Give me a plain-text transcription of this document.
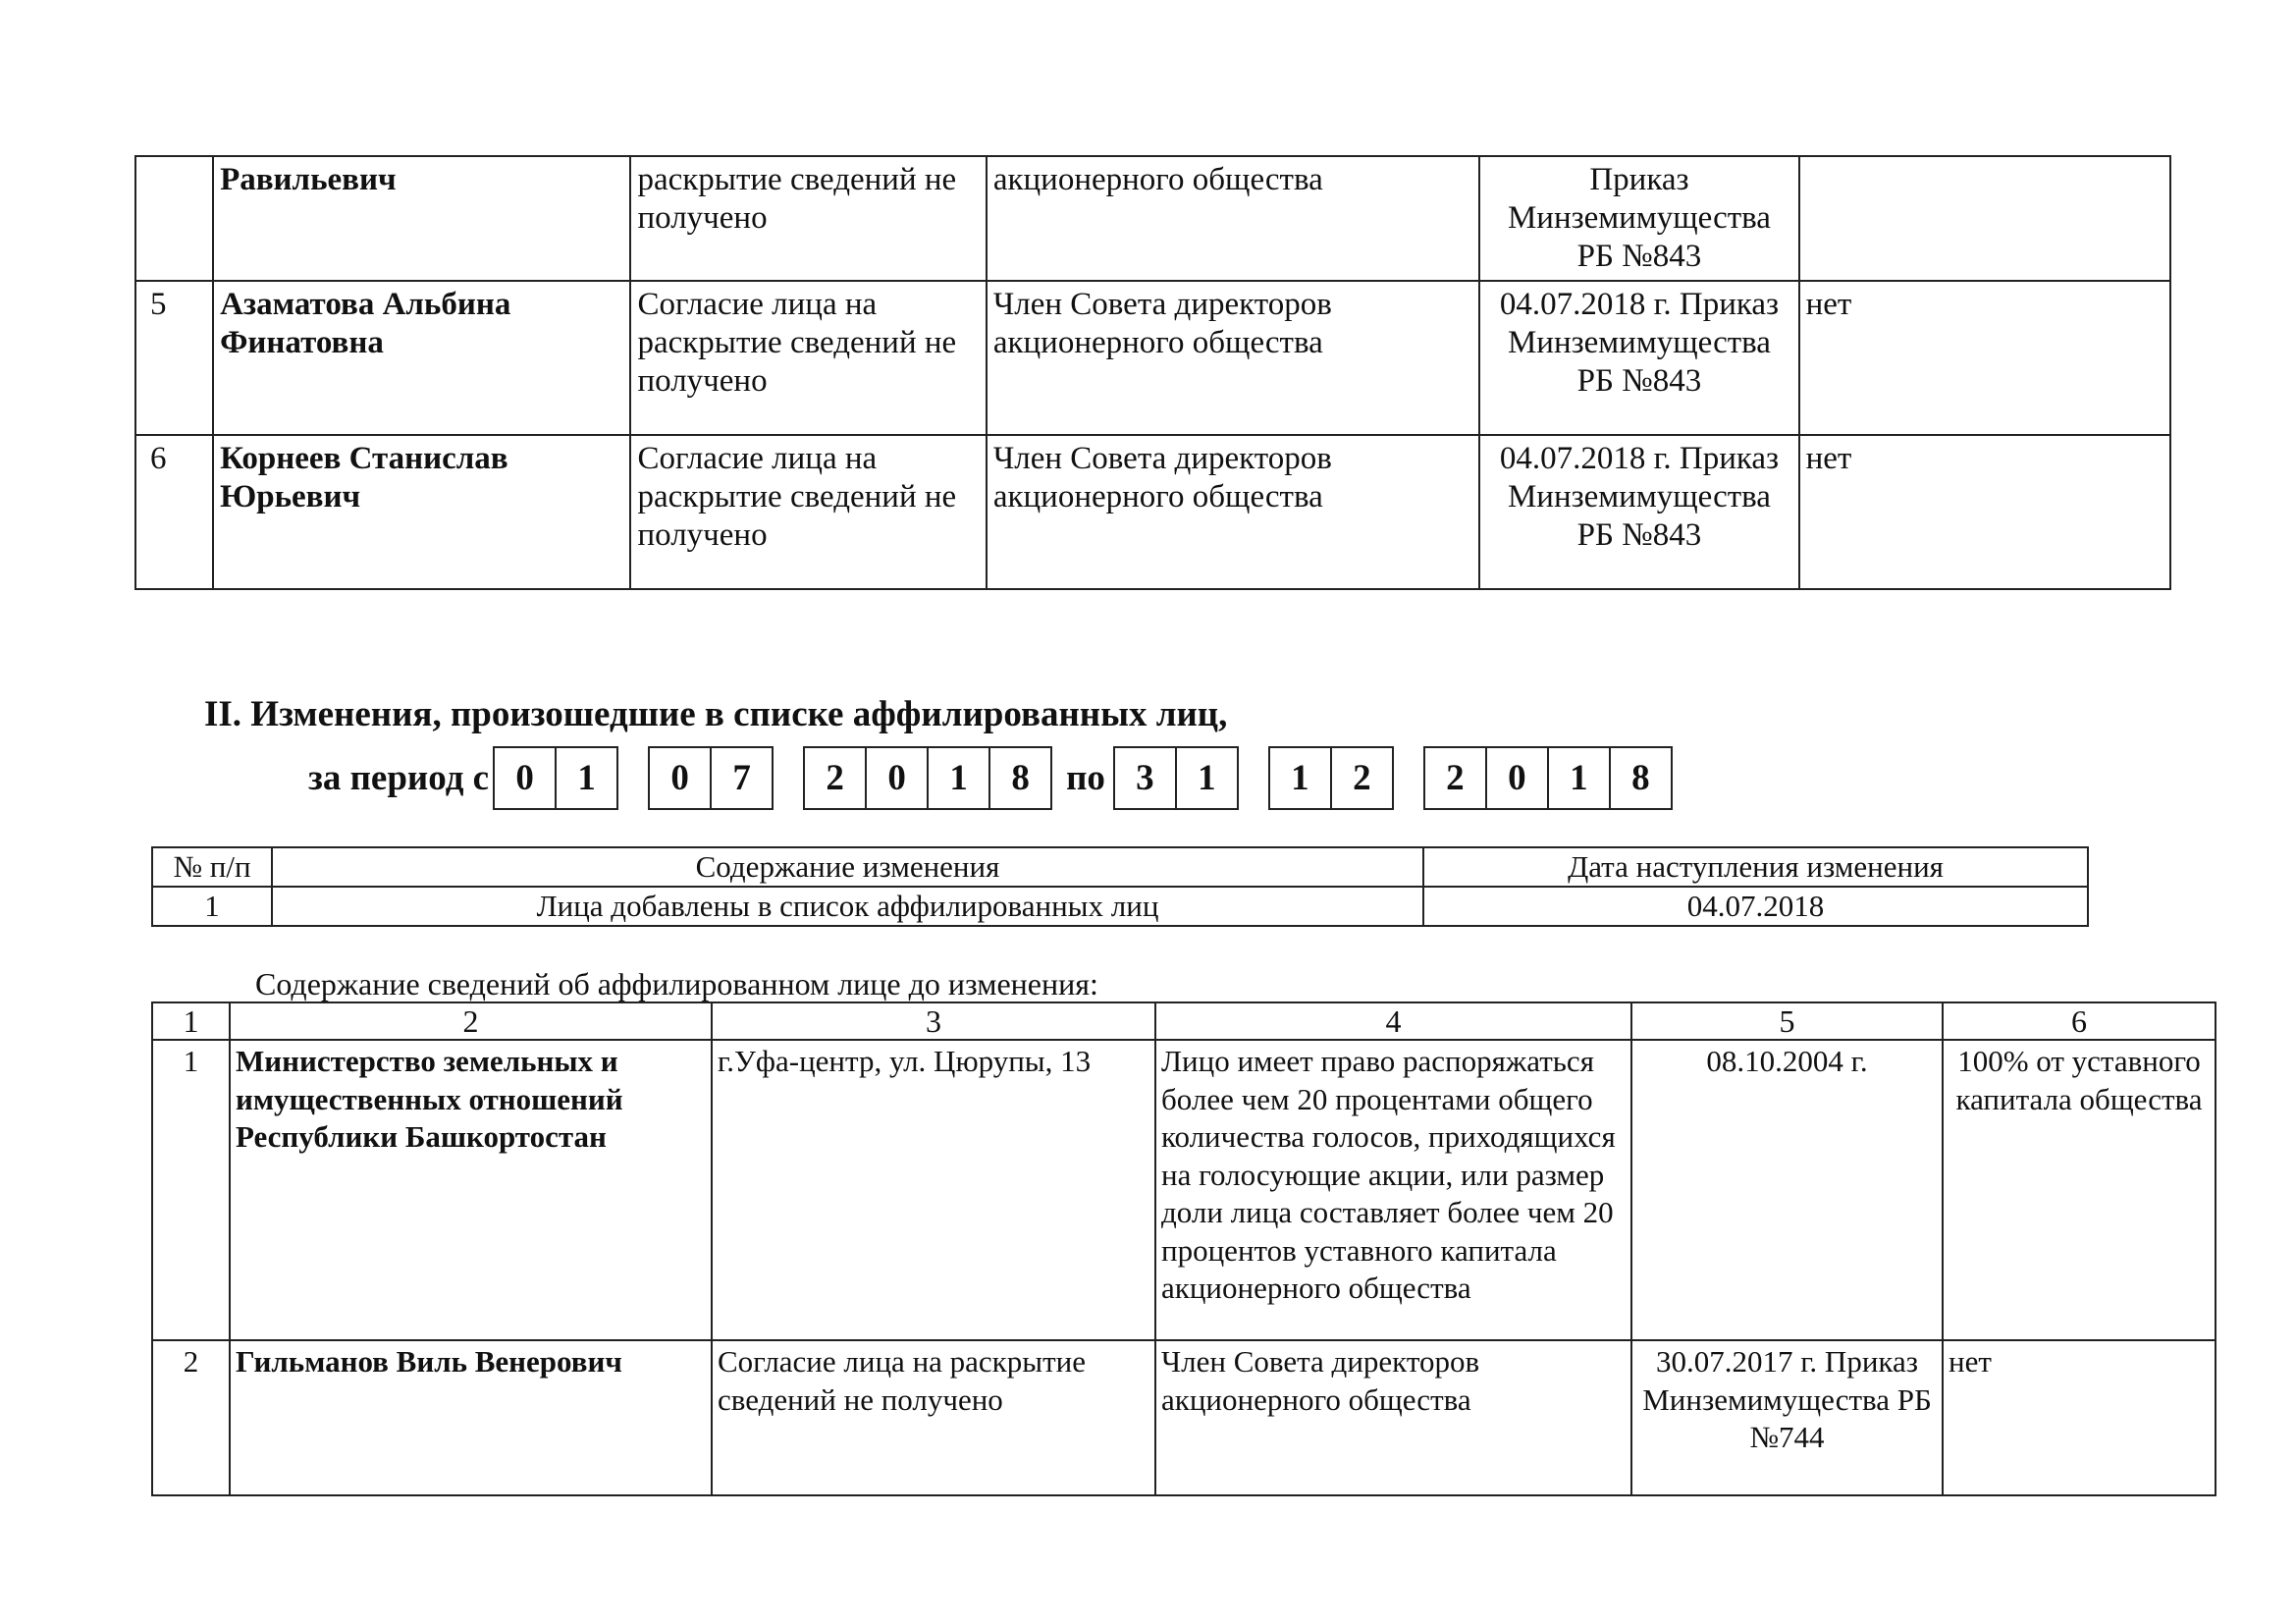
	Равильевич	раскрытие сведений не получено	акционерного общества	Приказ Минземимущества РБ №843	
5	Азаматова Альбина Финатовна	Согласие лица на раскрытие сведений не получено	Член Совета директоров акционерного общества	04.07.2018 г. Приказ Минземимущества РБ №843	нет
6	Корнеев Станислав Юрьевич	Согласие лица на раскрытие сведений не получено	Член Совета директоров акционерного общества	04.07.2018 г. Приказ Минземимущества РБ №843	нет
II. Изменения, произошедшие в списке аффилированных лиц,
за период с 0	1	0	7	2	0	1	8	по 3	1	1	2	2	0	1	8
№ п/п	Содержание изменения	Дата наступления изменения
1	Лица добавлены в список аффилированных лиц	04.07.2018

Содержание сведений об аффилированном лице до изменения:

1	2	3	4	5	6
1	Министерство земельных и имущественных отношений Республики Башкортостан	г.Уфа-центр, ул. Цюрупы, 13	Лицо имеет право распоряжаться более чем 20 процентами общего количества голосов, приходящихся на голосующие акции, или размер доли лица составляет более чем 20 процентов уставного капитала акционерного общества	08.10.2004 г.	100% от уставного капитала общества
2	Гильманов Виль Венерович	Согласие лица на раскрытие сведений не получено	Член Совета директоров акционерного общества	30.07.2017 г. Приказ Минземимущества РБ №744	нет
